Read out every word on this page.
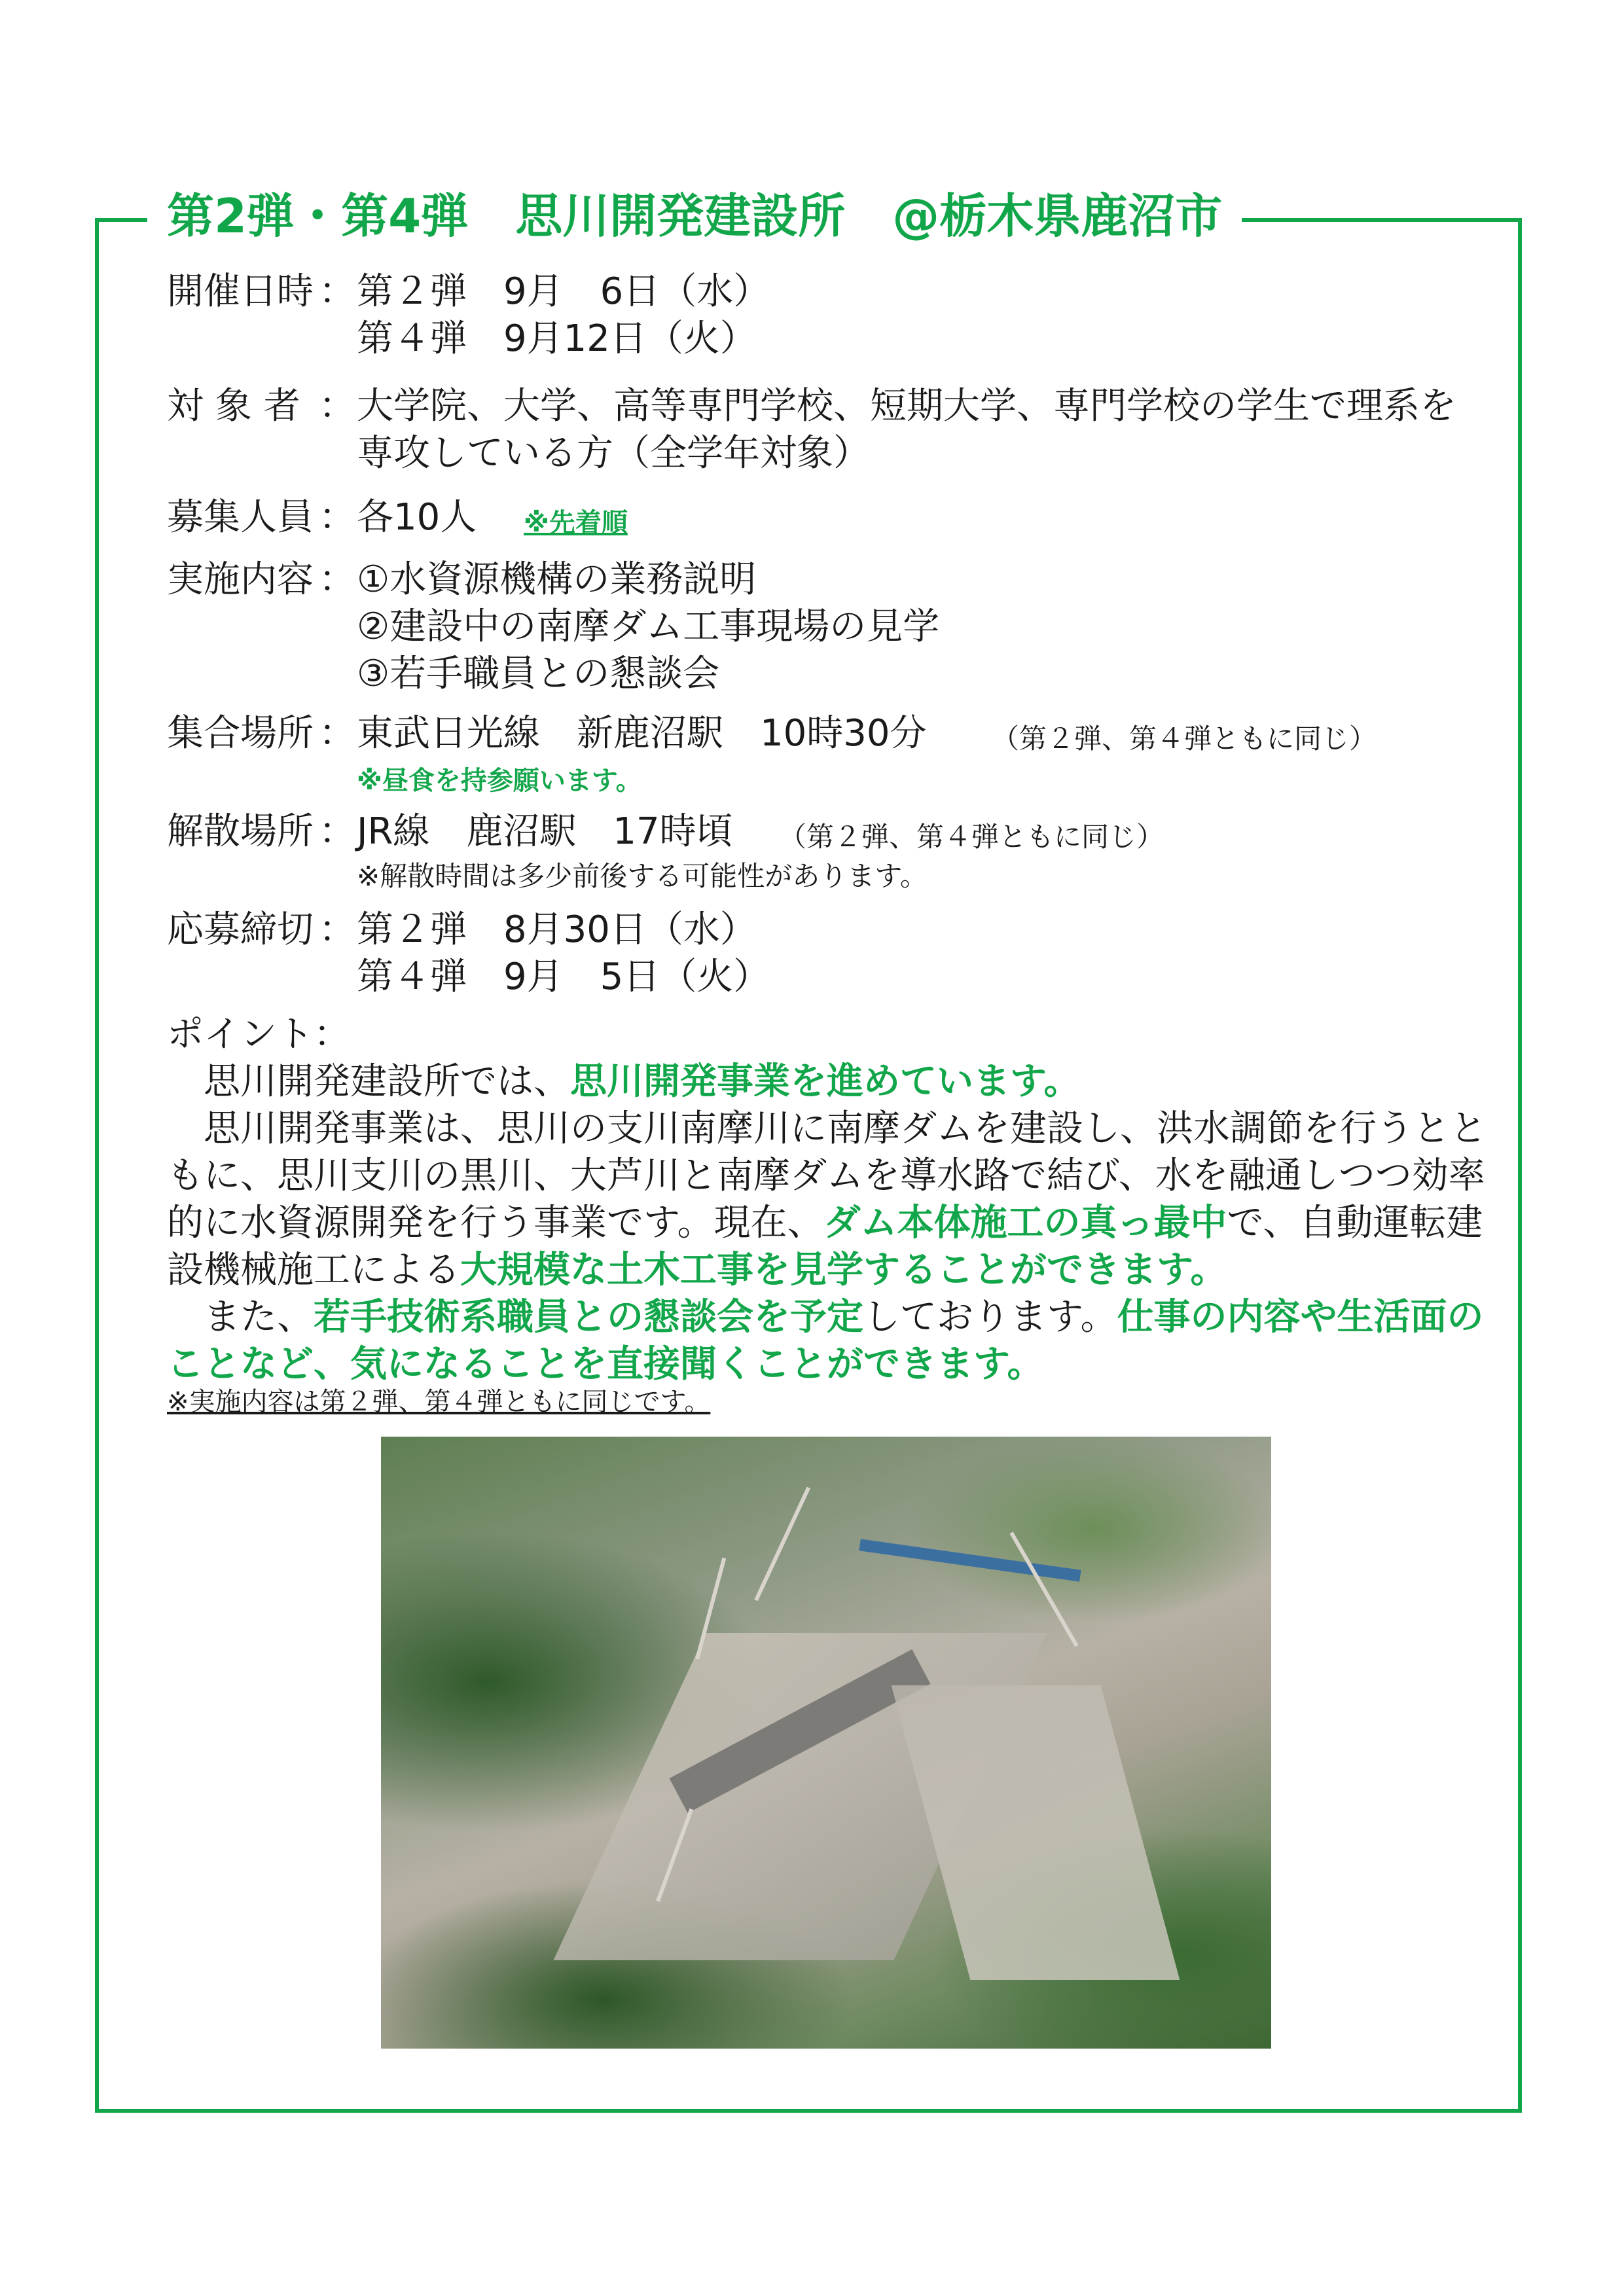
第2弾・第4弾　思川開発建設所　@栃木県鹿沼市

開催日時

：

第２弾　9月　6日（水）

第４弾　9月12日（火）

対 象 者

：

大学院、大学、高等専門学校、短期大学、専門学校の学生で理系を

専攻している方（全学年対象）

募集人員

：

各10人

※先着順

実施内容

：

①水資源機構の業務説明

②建設中の南摩ダム工事現場の見学

③若手職員との懇談会

集合場所

：

東武日光線　新鹿沼駅　10時30分

（第２弾、第４弾ともに同じ）

※昼食を持参願います。

解散場所

：

JR線　鹿沼駅　17時頃

（第２弾、第４弾ともに同じ）

※解散時間は多少前後する可能性があります。

応募締切

：

第２弾　8月30日（水）

第４弾　9月　5日（火）

ポイント：

　思川開発建設所では、思川開発事業を進めています。

　思川開発事業は、思川の支川南摩川に南摩ダムを建設し、洪水調節を行うとともに、思川支川の黒川、大芦川と南摩ダムを導水路で結び、水を融通しつつ効率的に水資源開発を行う事業です。現在、ダム本体施工の真っ最中で、自動運転建設機械施工による大規模な土木工事を見学することができます。

　また、若手技術系職員との懇談会を予定しております。仕事の内容や生活面のことなど、気になることを直接聞くことができます。

※実施内容は第２弾、第４弾ともに同じです。
